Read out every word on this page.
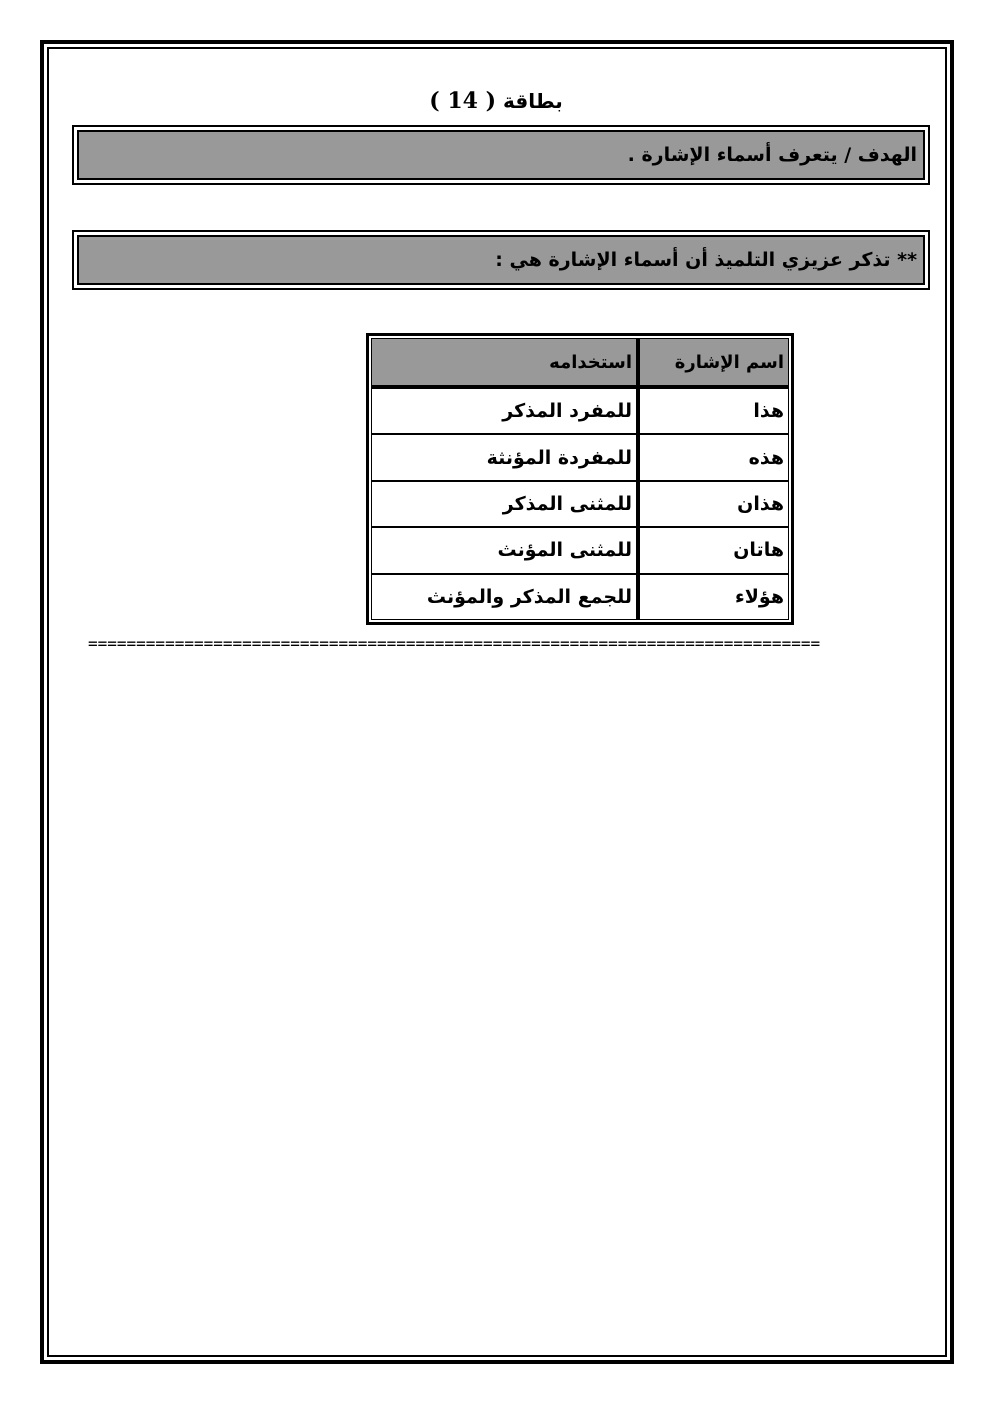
بطاقة ( 14 )
الهدف / يتعرف أسماء الإشارة .
** تذكر عزيزي التلميذ أن أسماء الإشارة هي :
اسم الإشارة	استخدامه
هذا	للمفرد المذكر
هذه	للمفردة المؤنثة
هذان	للمثنى المذكر
هاتان	للمثنى المؤنث
هؤلاء	للجمع المذكر والمؤنث
============================================================================
